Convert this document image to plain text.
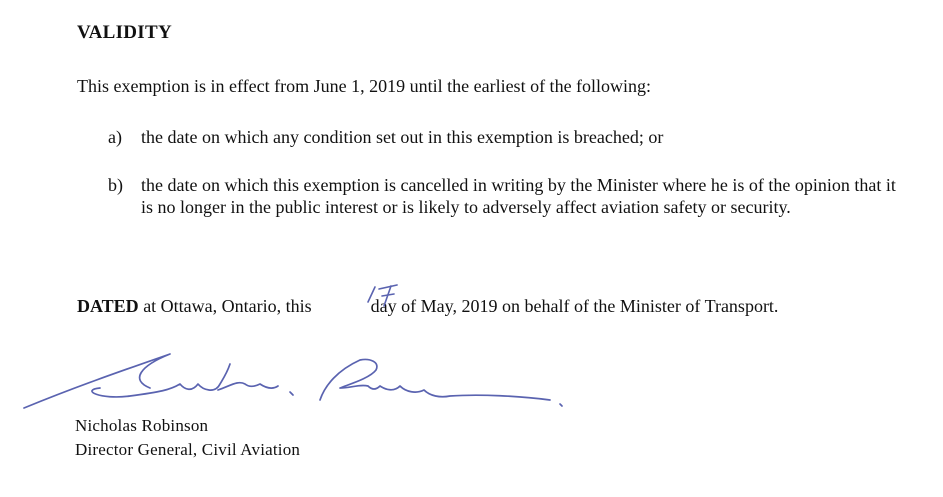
VALIDITY

This exemption is in effect from June 1, 2019 until the earliest of the following:

a) the date on which any condition set out in this exemption is breached; or
b) the date on which this exemption is cancelled in writing by the Minister where he is of the opinion that it is no longer in the public interest or is likely to adversely affect aviation safety or security.
DATED at Ottawa, Ontario, this	day of May, 2019 on behalf of the Minister of Transport.
Nicholas Robinson
Director General, Civil Aviation
